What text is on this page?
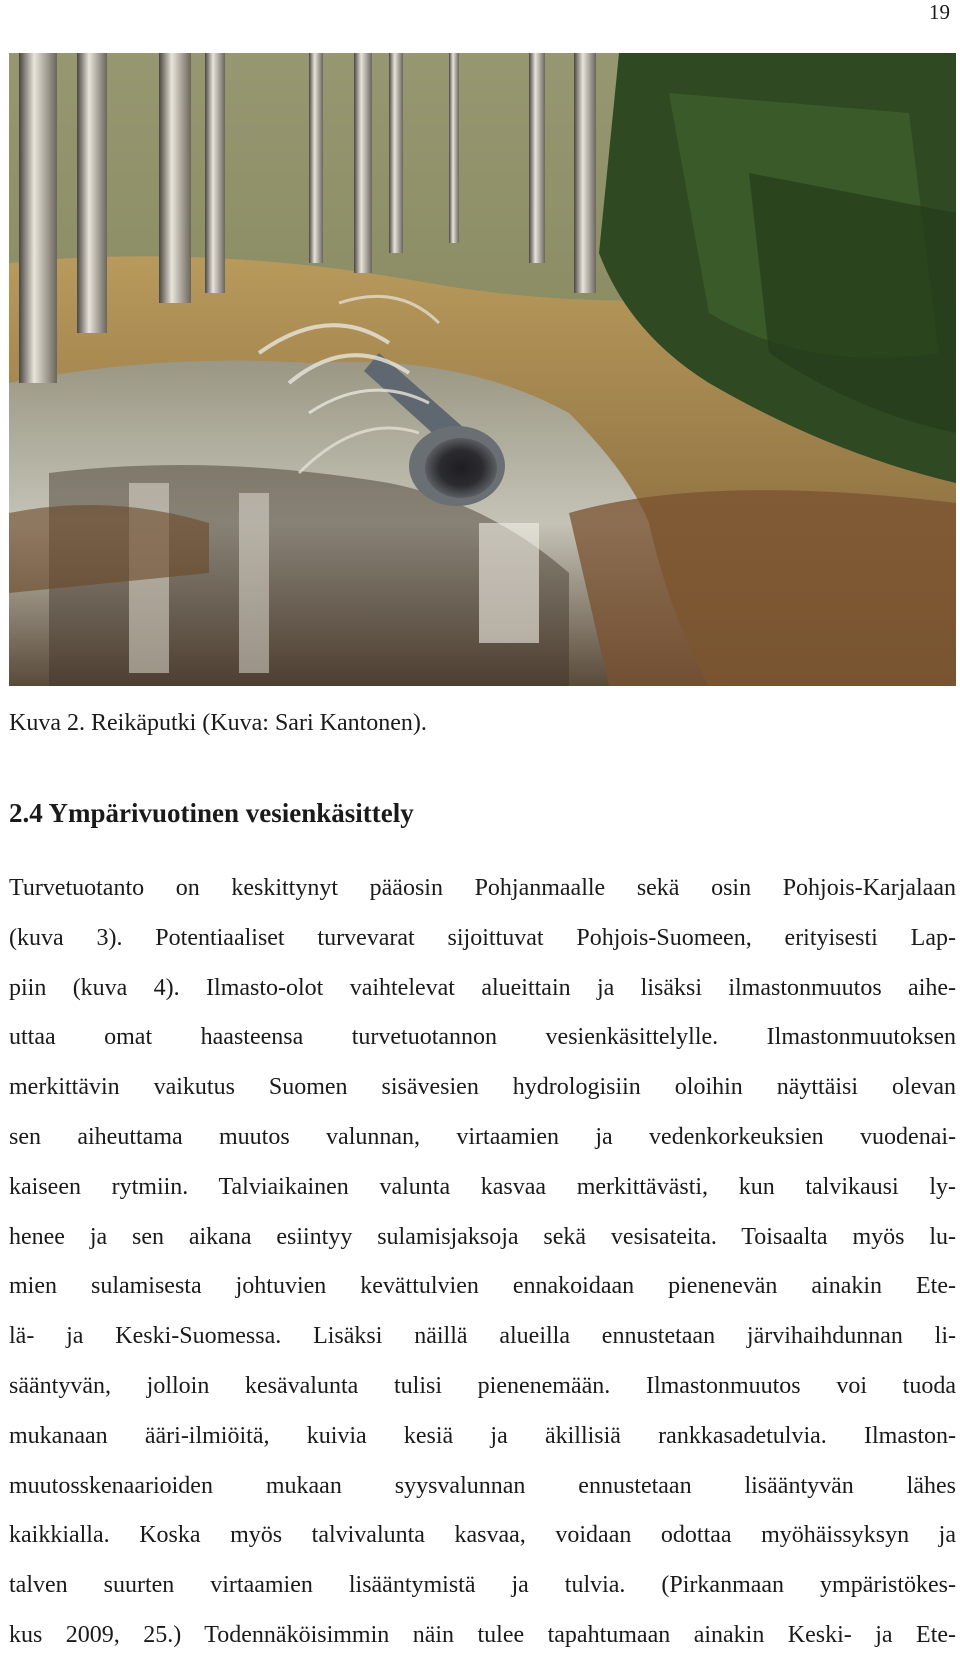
19
Kuva 2. Reikäputki (Kuva: Sari Kantonen).
2.4 Ympärivuotinen vesienkäsittely
Turvetuotanto on keskittynyt pääosin Pohjanmaalle sekä osin Pohjois-Karjalaan
(kuva 3). Potentiaaliset turvevarat sijoittuvat Pohjois-Suomeen, erityisesti Lap-
piin (kuva 4). Ilmasto-olot vaihtelevat alueittain ja lisäksi ilmastonmuutos aihe-
uttaa omat haasteensa turvetuotannon vesienkäsittelylle. Ilmastonmuutoksen
merkittävin vaikutus Suomen sisävesien hydrologisiin oloihin näyttäisi olevan
sen aiheuttama muutos valunnan, virtaamien ja vedenkorkeuksien vuodenai-
kaiseen rytmiin. Talviaikainen valunta kasvaa merkittävästi, kun talvikausi ly-
henee ja sen aikana esiintyy sulamisjaksoja sekä vesisateita. Toisaalta myös lu-
mien sulamisesta johtuvien kevättulvien ennakoidaan pienenevän ainakin Ete-
lä- ja Keski-Suomessa. Lisäksi näillä alueilla ennustetaan järvihaihdunnan li-
sääntyvän, jolloin kesävalunta tulisi pienenemään. Ilmastonmuutos voi tuoda
mukanaan ääri-ilmiöitä, kuivia kesiä ja äkillisiä rankkasadetulvia. Ilmaston-
muutosskenaarioiden mukaan syysvalunnan ennustetaan lisääntyvän lähes
kaikkialla. Koska myös talvivalunta kasvaa, voidaan odottaa myöhäissyksyn ja
talven suurten virtaamien lisääntymistä ja tulvia. (Pirkanmaan ympäristökes-
kus 2009, 25.) Todennäköisimmin näin tulee tapahtumaan ainakin Keski- ja Ete-
